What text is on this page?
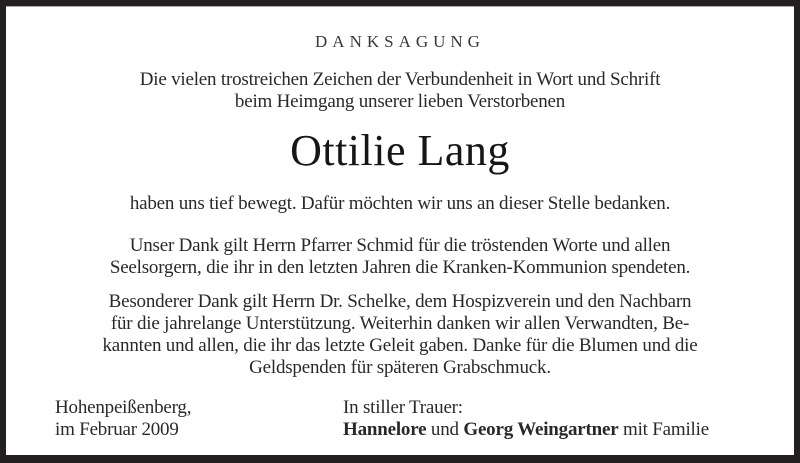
DANKSAGUNG
Die vielen trostreichen Zeichen der Verbundenheit in Wort und Schrift
beim Heimgang unserer lieben Verstorbenen
Ottilie Lang
haben uns tief bewegt. Dafür möchten wir uns an dieser Stelle bedanken.
Unser Dank gilt Herrn Pfarrer Schmid für die tröstenden Worte und allen
Seelsorgern, die ihr in den letzten Jahren die Kranken-Kommunion spendeten.
Besonderer Dank gilt Herrn Dr. Schelke, dem Hospizverein und den Nachbarn
für die jahrelange Unterstützung. Weiterhin danken wir allen Verwandten, Be-
kannten und allen, die ihr das letzte Geleit gaben. Danke für die Blumen und die
Geldspenden für späteren Grabschmuck.
Hohenpeißenberg,
im Februar 2009
In stiller Trauer:
Hannelore und Georg Weingartner mit Familie
